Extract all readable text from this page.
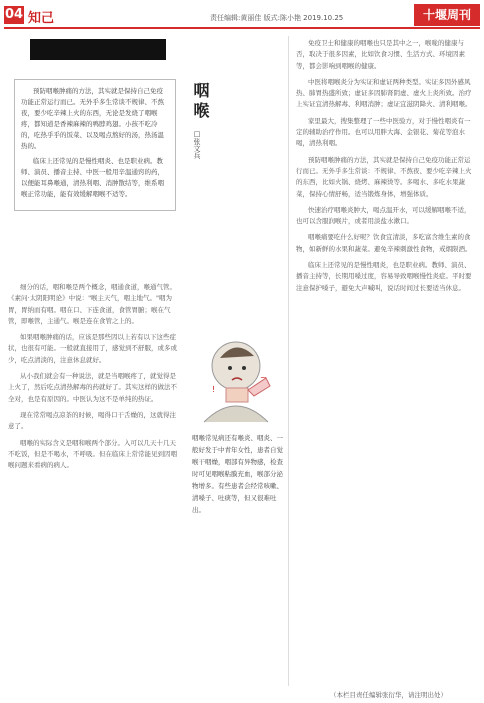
04 知己	责任编辑:黄丽佳 版式:陈小艳 2019.10.25	十堰周刊

预防咽喉肿痛的方法，其实就是保持自己免疫功能正常运行而已。无外乎多生常谈不规律、不熬夜，要少吃辛辣上火的东西，无论是发烧了咽喉疼，都知道是香辣麻辣的鸭脖鸡翅。小孩不吃冷的，吃热乎乎的饭菜、以及喝点熬好的汤，热汤温热的。

临床上还常见的是慢性咽炎、也是职业病。教师、演员、播音主持、中医一般用辛温通窍的药，以便能耳鼻喉通，清热利咽、消肿散结等，维系咽喉正常功能，能有效缓解咽喉不适等。

细分的话，咽和喉是两个概念，咽通食道，喉通气管。《素问·太阴阳明论》中说："喉主天气，咽主地气。"咽为胃，胃纳而有咽。咽在口、下连食道，食管胃腑；喉在气管，即喉管，主通气。喉是连在食管之上的。

如果咽喉肿痛的话，应该是那些因以上若有以下这些症状，也很有可能。一般就直接用了，感觉到不舒服，或多或少，吃点清淡的，注意休息就好。

从小我们就会有一种说法，就是当咽喉疼了，就觉得是上火了，然后吃点清热解毒的药就好了。其实这样的做法不全对，也是有原因的。中医认为这不是单纯的热证。

现在常常喝点凉茶的时候，喝得口干舌燥的，这就得注意了。

咽喉的实际含义是咽和喉两个部分。入可以几天十几天不吃饭，但是不喝水，不呼吸。但在临床上常常能见到因咽喉问题来看病的病人。

咽喉
□张文兵
~
!
咽喉常见病还有喉炎、咽炎、一般好发于中青年女性，患者自觉喉干咽燥，咽部有异物感，检查时可见咽喉粘膜充血，喉部分泌物增多。有些患者会经常咳嗽、清嗓子、吐痰等，但又很难吐出。

免疫卫士和健康的咽喉也只是其中之一，喉咙的健康与否，取决于很多因素，比如饮食习惯、生活方式、环境因素等，都会影响到咽喉的健康。

中医将咽喉炎分为实证和虚证两种类型。实证多因外感风热、肺胃热盛所致；虚证多因肺肾阴虚、虚火上炎所致。治疗上实证宜清热解毒、利咽消肿；虚证宜滋阴降火、清利咽喉。

家里最大，搜集整理了一些中医验方，对于慢性咽炎有一定的辅助治疗作用。也可以用胖大海、金银花、菊花等泡水喝，清热利咽。

预防咽喉肿痛的方法，其实就是保持自己免疫功能正常运行而已。无外乎多生常谈：不规律、不熬夜、要少吃辛辣上火的东西，比如火锅、烧烤、麻辣烫等。多喝水、多吃水果蔬菜，保持心情舒畅，适当锻炼身体，增强体质。

快速治疗咽喉炎肿大，喝点温开水，可以缓解咽喉不适，也可以含服润喉片，或者用淡盐水漱口。

咽喉痛要吃什么好呢？饮食宜清淡，多吃富含维生素的食物，如新鲜的水果和蔬菜。避免辛辣刺激性食物，戒烟限酒。

临床上还常见的是慢性咽炎，也是职业病。教师、演员、播音主持等，长期用嗓过度，容易导致咽喉慢性炎症。平时要注意保护嗓子，避免大声喊叫，说话时间过长要适当休息。

（本栏目责任编辑张衍华，请注明出处）
